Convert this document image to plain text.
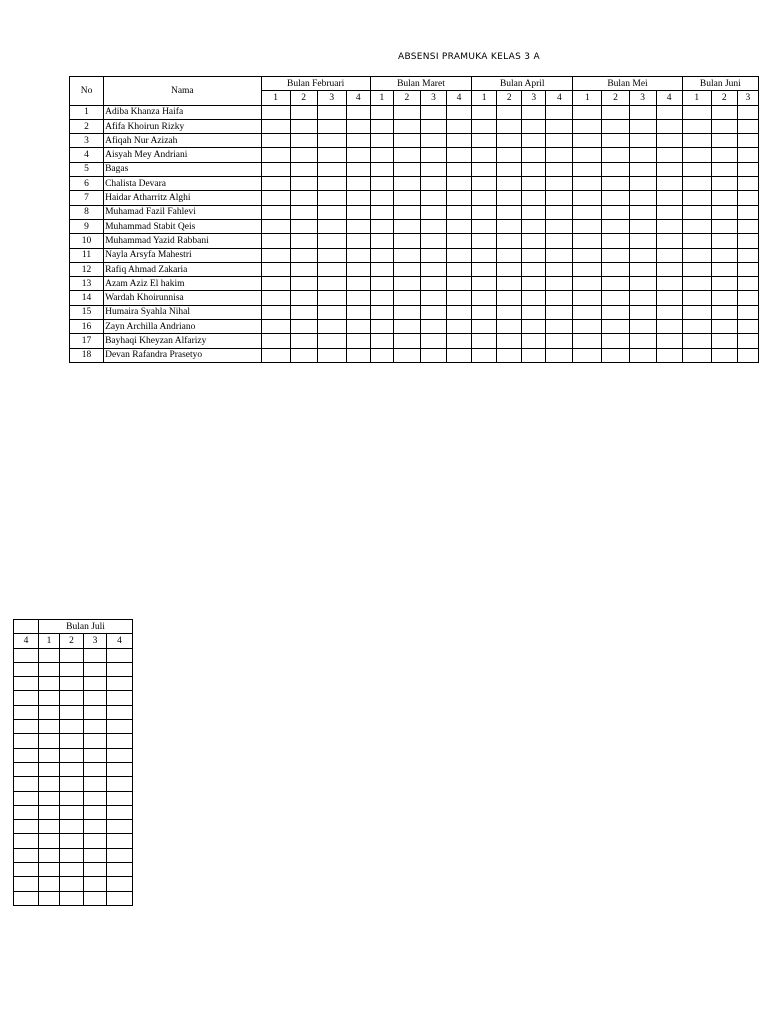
ABSENSI PRAMUKA KELAS 3 A
No	Nama	Bulan Februari				Bulan Maret				Bulan April				Bulan Mei				Bulan Juni		
		1	2	3	4	1	2	3	4	1	2	3	4	1	2	3	4	1	2	3
1	Adiba Khanza Haifa																			
2	Afifa Khoirun Rizky																			
3	Afiqah Nur Azizah																			
4	Aisyah Mey Andriani																			
5	Bagas																			
6	Chalista Devara																			
7	Haidar Atharritz Alghi																			
8	Muhamad Fazil Fahlevi																			
9	Muhammad Stabit Qeis																			
10	Muhammad Yazid Rabbani																			
11	Nayla Arsyfa Mahestri																			
12	Rafiq Ahmad Zakaria																			
13	Azam Aziz El hakim																			
14	Wardah Khoirunnisa																			
15	Humaira Syahla Nihal																			
16	Zayn Archilla Andriano																			
17	Bayhaqi Kheyzan Alfarizy																			
18	Devan Rafandra Prasetyo																			
	Bulan Juli			
4	1	2	3	4
